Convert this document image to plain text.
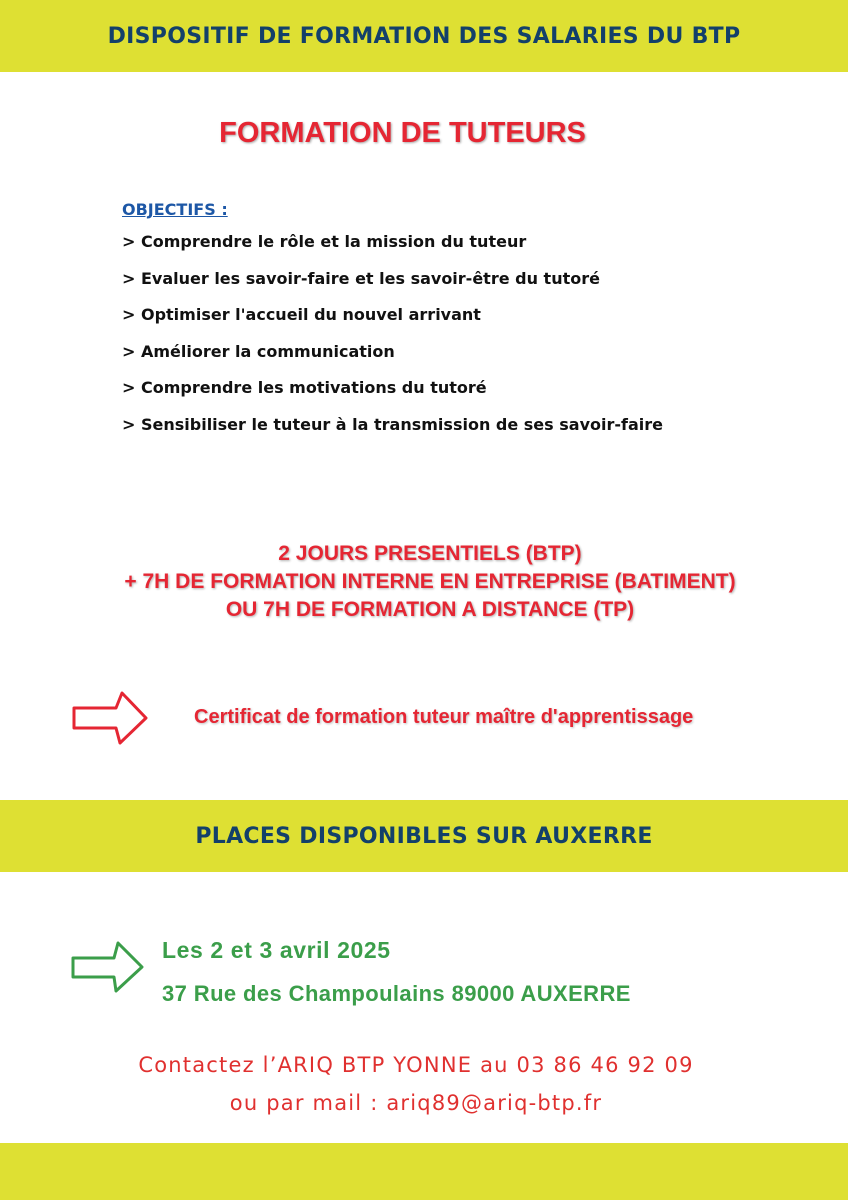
DISPOSITIF DE FORMATION DES SALARIES DU BTP
FORMATION DE TUTEURS
OBJECTIFS :
> Comprendre le rôle et la mission du tuteur
> Evaluer les savoir-faire et les savoir-être du tutoré
> Optimiser l'accueil du nouvel arrivant
> Améliorer la communication
> Comprendre les motivations du tutoré
> Sensibiliser le tuteur à la transmission de ses savoir-faire
2 JOURS PRESENTIELS (BTP)
+ 7H DE FORMATION INTERNE EN ENTREPRISE (BATIMENT)
OU 7H DE FORMATION A DISTANCE (TP)
Certificat de formation tuteur maître d'apprentissage
PLACES DISPONIBLES SUR AUXERRE
Les 2 et 3 avril 2025
37 Rue des Champoulains 89000 AUXERRE
Contactez l’ARIQ BTP YONNE au 03 86 46 92 09
ou par mail : ariq89@ariq-btp.fr
